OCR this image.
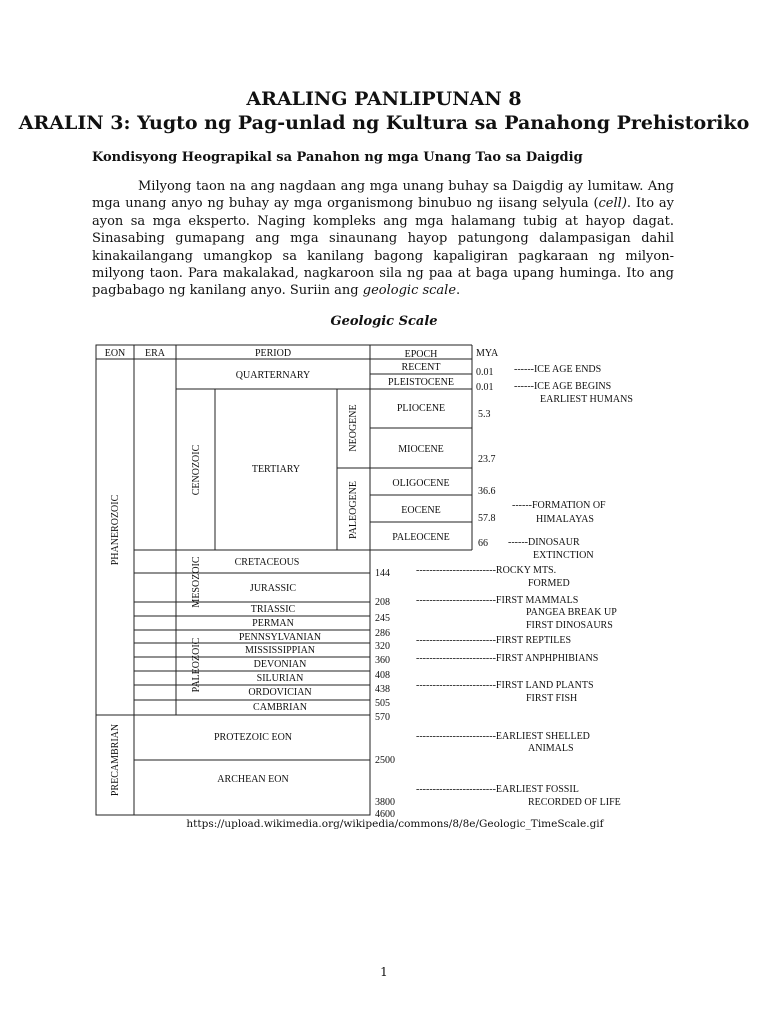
ARALING PANLIPUNAN 8
ARALIN 3: Yugto ng Pag-unlad ng Kultura sa Panahong Prehistoriko
Kondisyong Heograpikal sa Panahon ng mga Unang Tao sa Daigdig
Milyong taon na ang nagdaan ang mga unang buhay sa Daigdig ay lumitaw. Ang mga unang anyo ng buhay ay mga organismong binubuo ng iisang selyula (cell). Ito ay ayon sa mga eksperto. Naging kompleks ang mga halamang tubig at hayop dagat. Sinasabing gumapang ang mga sinaunang hayop patungong dalampasigan dahil kinakailangang umangkop sa kanilang bagong kapaligiran pagkaraan ng milyon-milyong taon. Para makalakad, nagkaroon sila ng paa at baga upang huminga. Ito ang pagbabago ng kanilang anyo. Suriin ang geologic scale.
Geologic Scale
EON ERA	PERIOD	EPOCH
QUARTERNARY
TERTIARY
CRETACEOUS
JURASSIC
TRIASSIC
PERMAN
PENNSYLVANIAN
MISSISSIPPIAN
DEVONIAN
SILURIAN
ORDOVICIAN
CAMBRIAN
PROTEZOIC EON
ARCHEAN EON
RECENT
PLEISTOCENE
PLIOCENE
MIOCENE
OLIGOCENE
EOCENE
PALEOCENE
PHANEROZOIC
PRECAMBRIAN
CENOZOIC
MESOZOIC
PALEOZOIC
NEOGENE
PALEOGENE
MYA
0.01
0.01
5.3
23.7
36.6
57.8
66
144
208
245
286
320
360
408
438
505
570
2500
3800
4600
------ICE AGE ENDS
------ICE AGE BEGINS
EARLIEST HUMANS
------FORMATION OF
HIMALAYAS
------DINOSAUR
EXTINCTION
------------------------ROCKY MTS.
FORMED
------------------------FIRST MAMMALS
PANGEA BREAK UP
FIRST DINOSAURS
------------------------FIRST REPTILES
------------------------FIRST ANPHPHIBIANS
------------------------FIRST LAND PLANTS
FIRST FISH
------------------------EARLIEST SHELLED
ANIMALS
------------------------EARLIEST FOSSIL
RECORDED OF LIFE
https://upload.wikimedia.org/wikipedia/commons/8/8e/Geologic_TimeScale.gif
1
